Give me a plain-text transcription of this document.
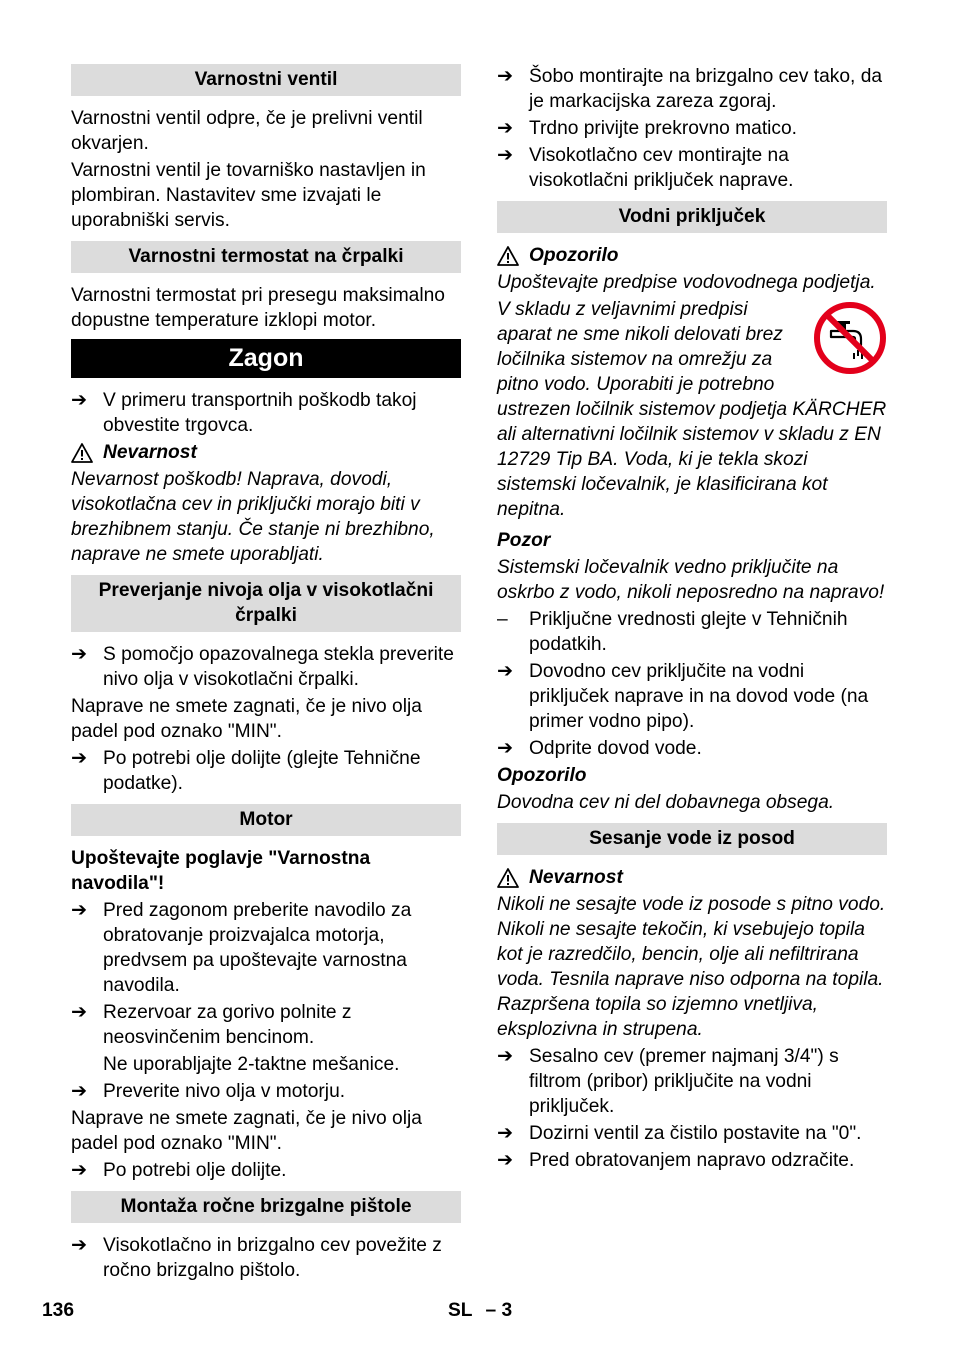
Varnostni ventil

Varnostni ventil odpre, če je prelivni ventil okvarjen.

Varnostni ventil je tovarniško nastavljen in plombiran. Nastavitev sme izvajati le uporabniški servis.

Varnostni termostat na črpalki

Varnostni termostat pri presegu maksimalno dopustne temperature izklopi motor.

Zagon
➔ V primeru transportnih poškodb takoj obvestite trgovca.
Nevarnost

Nevarnost poškodb! Naprava, dovodi, visokotlačna cev in priključki morajo biti v brezhibnem stanju. Če stanje ni brezhibno, naprave ne smete uporabljati.

Preverjanje nivoja olja v visokotlačni črpalki
➔ S pomočjo opazovalnega stekla preverite nivo olja v visokotlačni črpalki.

Naprave ne smete zagnati, če je nivo olja padel pod oznako "MIN".

➔ Po potrebi olje dolijte (glejte Tehnične podatke).
Motor

Upoštevajte poglavje "Varnostna navodila"!

➔ Pred zagonom preberite navodilo za obratovanje proizvajalca motorja, predvsem pa upoštevajte varnostna navodila.
➔ Rezervoar za gorivo polnite z neosvinčenim bencinom.

Ne uporabljajte 2-taktne mešanice.

➔ Preverite nivo olja v motorju.

Naprave ne smete zagnati, če je nivo olja padel pod oznako "MIN".

➔ Po potrebi olje dolijte.
Montaža ročne brizgalne pištole
➔ Visokotlačno in brizgalno cev povežite z ročno brizgalno pištolo.
➔ Šobo montirajte na brizgalno cev tako, da je markacijska zareza zgoraj.
➔ Trdno privijte prekrovno matico.
➔ Visokotlačno cev montirajte na visokotlačni priključek naprave.
Vodni priključek
Opozorilo

Upoštevajte predpise vodovodnega podjetja.

V skladu z veljavnimi predpisi aparat ne sme nikoli delovati brez ločilnika sistemov na omrežju za pitno vodo. Uporabiti je potrebno ustrezen ločilnik sistemov podjetja KÄRCHER ali alternativni ločilnik sistemov v skladu z EN 12729 Tip BA. Voda, ki je tekla skozi sistemski ločevalnik, je klasificirana kot nepitna.

Pozor

Sistemski ločevalnik vedno priključite na oskrbo z vodo, nikoli neposredno na napravo!

–	Priključne vrednosti glejte v Tehničnih podatkih.
➔ Dovodno cev priključite na vodni priključek naprave in na dovod vode (na primer vodno pipo).
➔ Odprite dovod vode.

Opozorilo

Dovodna cev ni del dobavnega obsega.

Sesanje vode iz posod
Nevarnost

Nikoli ne sesajte vode iz posode s pitno vodo. Nikoli ne sesajte tekočin, ki vsebujejo topila kot je razredčilo, bencin, olje ali nefiltrirana voda. Tesnila naprave niso odporna na topila. Razpršena topila so izjemno vnetljiva, eksplozivna in strupena.

➔ Sesalno cev (premer najmanj 3/4") s filtrom (pribor) priključite na vodni priključek.
➔ Dozirni ventil za čistilo postavite na "0".
➔ Pred obratovanjem napravo odzračite.
136	SL – 3
